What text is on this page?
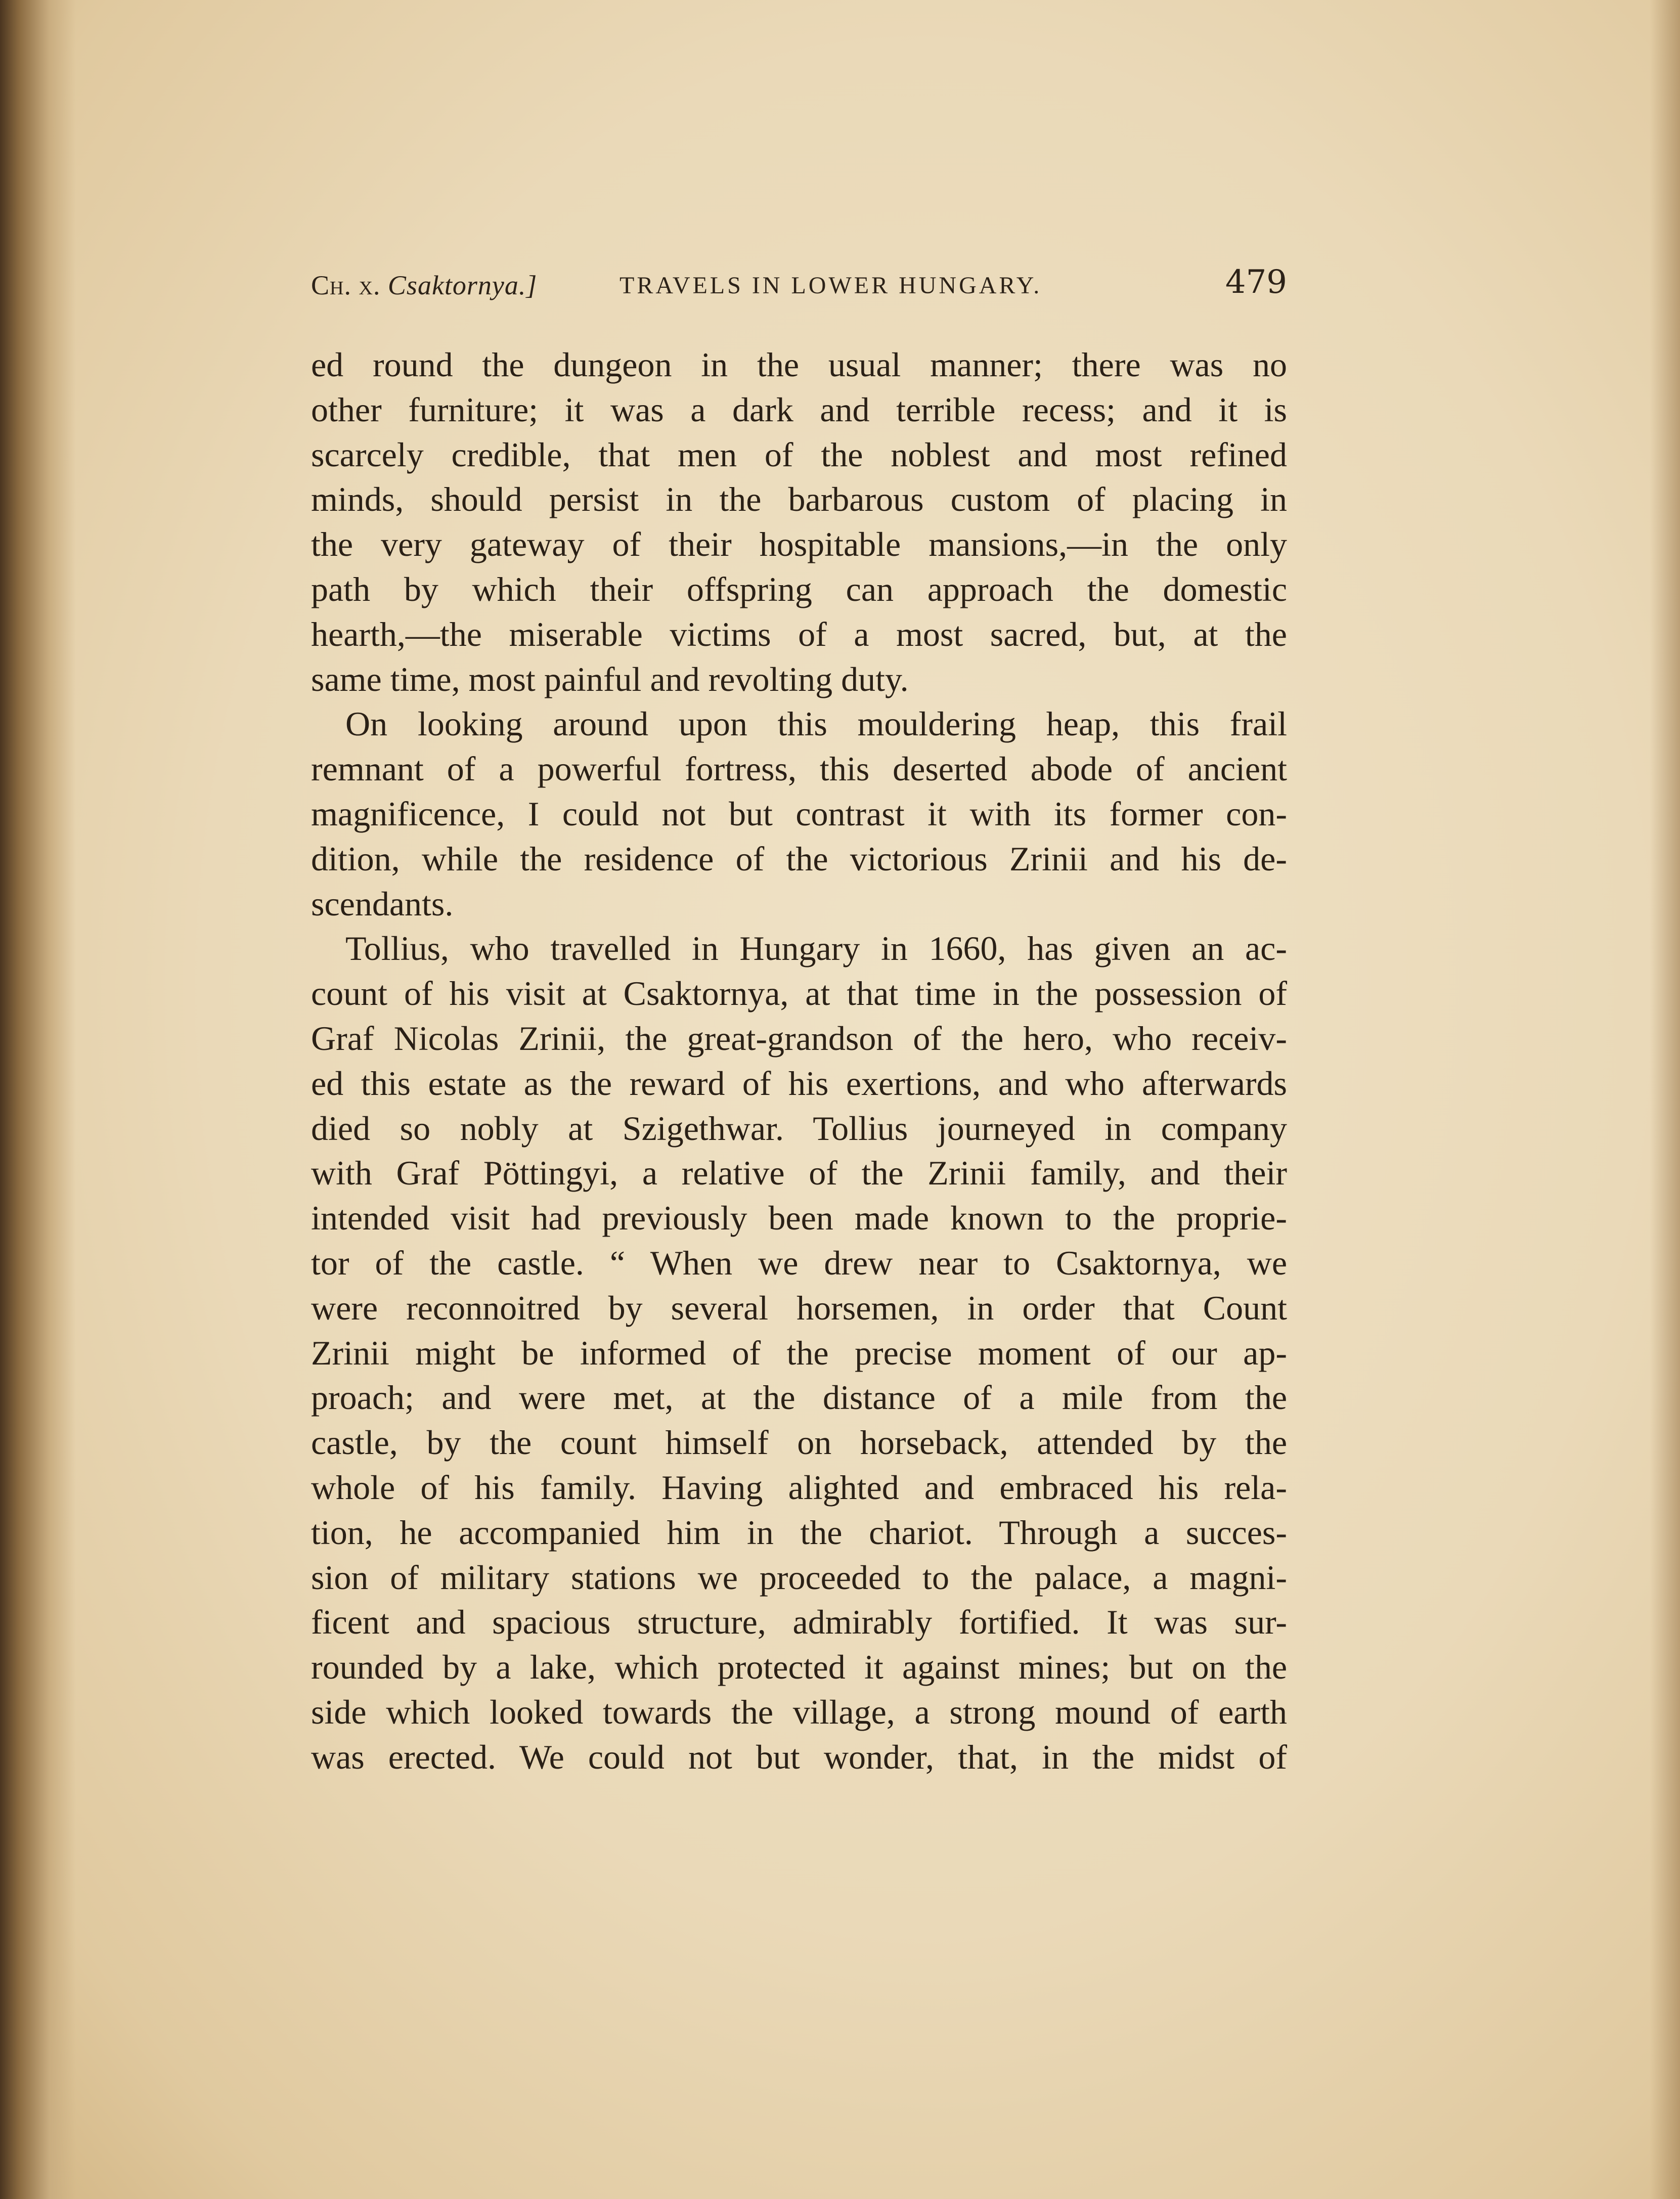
Ch. x. Csaktornya.]	TRAVELS IN LOWER HUNGARY.	479
ed round the dungeon in the usual manner; there was no
other furniture; it was a dark and terrible recess; and it is
scarcely credible, that men of the noblest and most refined
minds, should persist in the barbarous custom of placing in
the very gateway of their hospitable mansions,—in the only
path by which their offspring can approach the domestic
hearth,—the miserable victims of a most sacred, but, at the
same time, most painful and revolting duty.
On looking around upon this mouldering heap, this frail
remnant of a powerful fortress, this deserted abode of ancient
magnificence, I could not but contrast it with its former con-
dition, while the residence of the victorious Zrinii and his de-
scendants.
Tollius, who travelled in Hungary in 1660, has given an ac-
count of his visit at Csaktornya, at that time in the possession of
Graf Nicolas Zrinii, the great-grandson of the hero, who receiv-
ed this estate as the reward of his exertions, and who afterwards
died so nobly at Szigethwar. Tollius journeyed in company
with Graf Pöttingyi, a relative of the Zrinii family, and their
intended visit had previously been made known to the proprie-
tor of the castle. “ When we drew near to Csaktornya, we
were reconnoitred by several horsemen, in order that Count
Zrinii might be informed of the precise moment of our ap-
proach; and were met, at the distance of a mile from the
castle, by the count himself on horseback, attended by the
whole of his family. Having alighted and embraced his rela-
tion, he accompanied him in the chariot. Through a succes-
sion of military stations we proceeded to the palace, a magni-
ficent and spacious structure, admirably fortified. It was sur-
rounded by a lake, which protected it against mines; but on the
side which looked towards the village, a strong mound of earth
was erected. We could not but wonder, that, in the midst of
